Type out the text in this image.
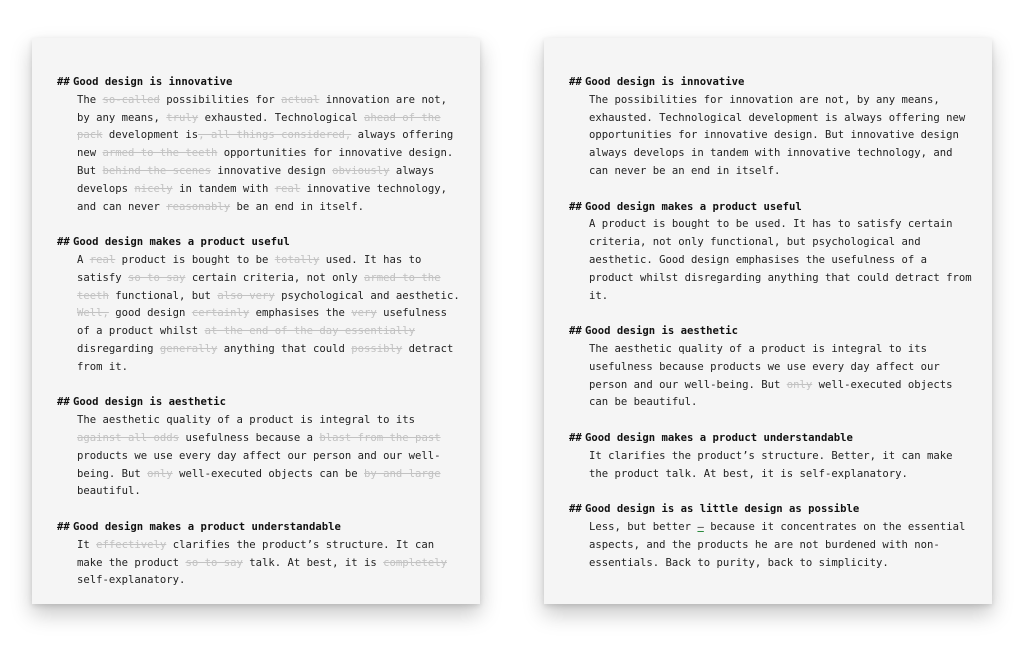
## Good design is innovative
The so-called possibilities for actual innovation are not, by any means, truly exhausted. Technological ahead of the pack development is, all things considered, always offering new armed to the teeth opportunities for innovative design. But behind the scenes innovative design obviously always develops nicely in tandem with real innovative technology, and can never reasonably be an end in itself.
## Good design makes a product useful
A real product is bought to be totally used. It has to satisfy so to say certain criteria, not only armed to the teeth functional, but also very psychological and aesthetic. Well, good design certainly emphasises the very usefulness of a product whilst at the end of the day essentially disregarding generally anything that could possibly detract from it.
## Good design is aesthetic
The aesthetic quality of a product is integral to its against all odds usefulness because a blast from the past products we use every day affect our person and our well-being. But only well-executed objects can be by and large beautiful.
## Good design makes a product understandable
It effectively clarifies the product’s structure. It can make the product so to say talk. At best, it is completely self-explanatory.
## Good design is innovative
The possibilities for innovation are not, by any means, exhausted. Technological development is always offering new opportunities for innovative design. But innovative design always develops in tandem with innovative technology, and can never be an end in itself.
## Good design makes a product useful
A product is bought to be used. It has to satisfy certain criteria, not only functional, but psychological and aesthetic. Good design emphasises the usefulness of a product whilst disregarding anything that could detract from it.
## Good design is aesthetic
The aesthetic quality of a product is integral to its usefulness because products we use every day affect our person and our well-being. But only well-executed objects can be beautiful.
## Good design makes a product understandable
It clarifies the product’s structure. Better, it can make the product talk. At best, it is self-explanatory.
## Good design is as little design as possible
Less, but better – because it concentrates on the essential aspects, and the products he are not burdened with non-essentials. Back to purity, back to simplicity.
